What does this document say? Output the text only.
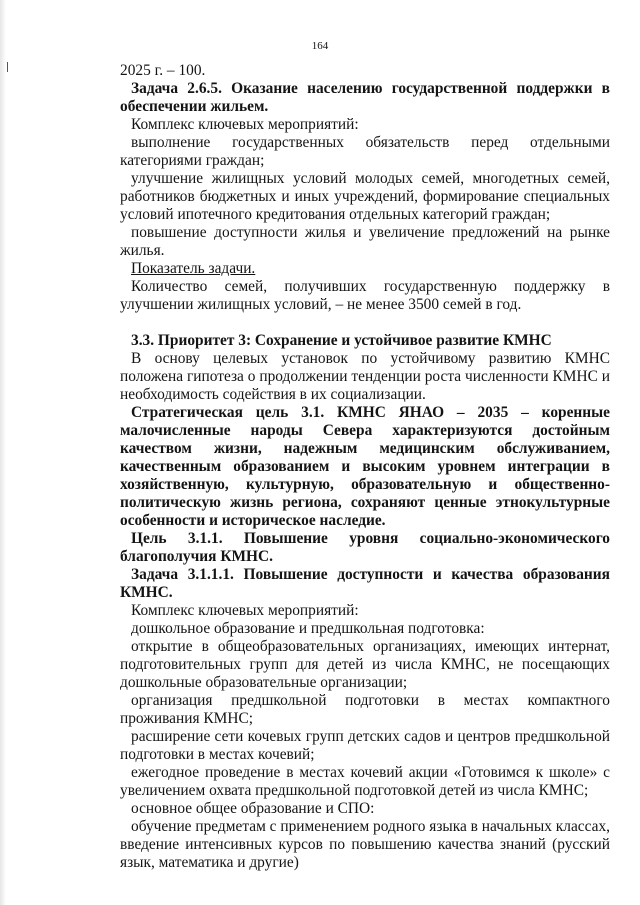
164

2025 г. – 100.

Задача 2.6.5. Оказание населению государственной поддержки в обеспечении жильем.

Комплекс ключевых мероприятий:

выполнение государственных обязательств перед отдельными категориями граждан;

улучшение жилищных условий молодых семей, многодетных семей, работников бюджетных и иных учреждений, формирование специальных условий ипотечного кредитования отдельных категорий граждан;

повышение доступности жилья и увеличение предложений на рынке жилья.

Показатель задачи.

Количество семей, получивших государственную поддержку в улучшении жилищных условий, – не менее 3500 семей в год.

3.3. Приоритет 3: Сохранение и устойчивое развитие КМНС

В основу целевых установок по устойчивому развитию КМНС положена гипотеза о продолжении тенденции роста численности КМНС и необходимость содействия в их социализации.

Стратегическая цель 3.1. КМНС ЯНАО – 2035 – коренные малочисленные народы Севера характеризуются достойным качеством жизни, надежным медицинским обслуживанием, качественным образованием и высоким уровнем интеграции в хозяйственную, культурную, образовательную и общественно-политическую жизнь региона, сохраняют ценные этнокультурные особенности и историческое наследие.

Цель 3.1.1. Повышение уровня социально-экономического благополучия КМНС.

Задача 3.1.1.1. Повышение доступности и качества образования КМНС.

Комплекс ключевых мероприятий:

дошкольное образование и предшкольная подготовка:

открытие в общеобразовательных организациях, имеющих интернат, подготовительных групп для детей из числа КМНС, не посещающих дошкольные образовательные организации;

организация предшкольной подготовки в местах компактного проживания КМНС;

расширение сети кочевых групп детских садов и центров предшкольной подготовки в местах кочевий;

ежегодное проведение в местах кочевий акции «Готовимся к школе» с увеличением охвата предшкольной подготовкой детей из числа КМНС;

основное общее образование и СПО:

обучение предметам с применением родного языка в начальных классах, введение интенсивных курсов по повышению качества знаний (русский язык, математика и другие)
